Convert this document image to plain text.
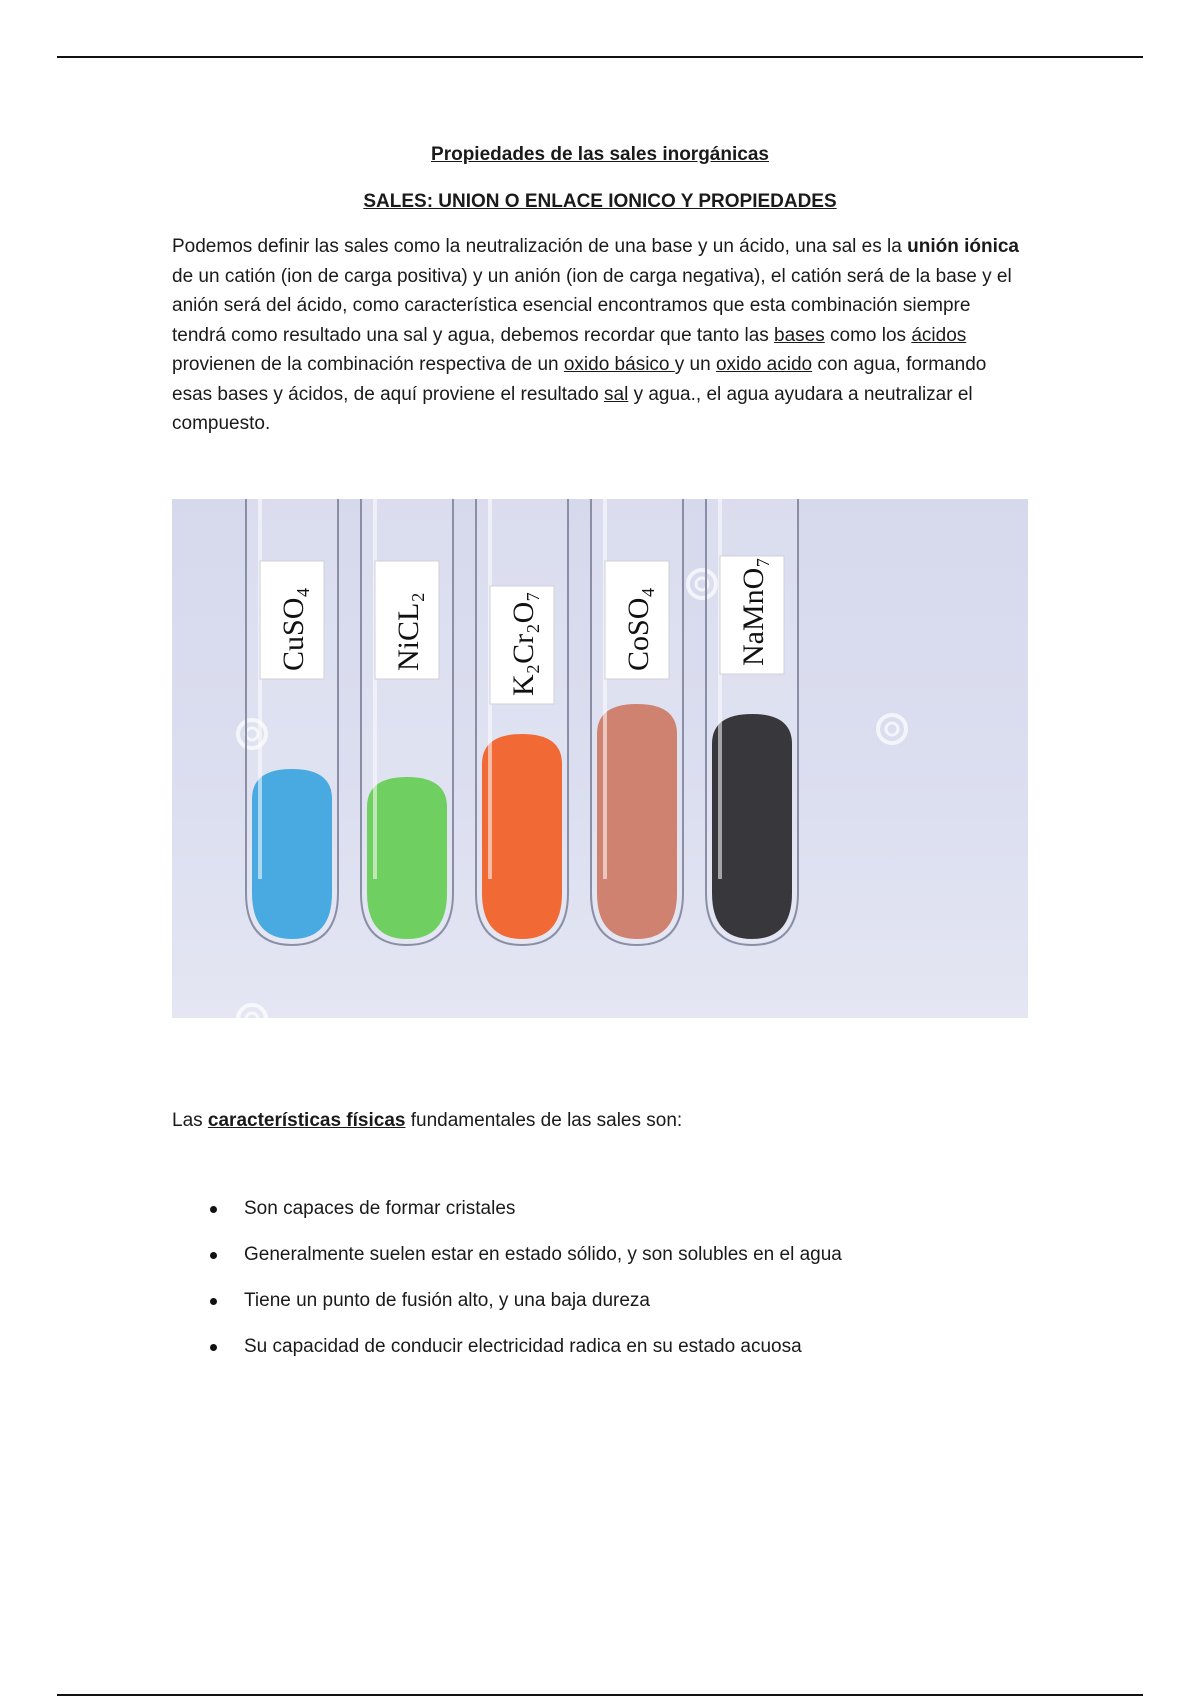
Propiedades de las sales inorgánicas
SALES: UNION O ENLACE IONICO Y PROPIEDADES
Podemos definir las sales como la neutralización de una base y un ácido, una sal es la unión iónica de un catión (ion de carga positiva) y un anión (ion de carga negativa), el catión será de la base y el anión será del ácido, como característica esencial encontramos que esta combinación siempre tendrá como resultado una sal y agua, debemos recordar que tanto las bases como los ácidos provienen de la combinación respectiva de un oxido básico y un oxido acido con agua, formando esas bases y ácidos, de aquí proviene el resultado sal y agua., el agua ayudara a neutralizar el compuesto.
CuSO₄	NiCL₂	K₂Cr₂O₇	CoSO₄	NaMnO₇
Las características físicas fundamentales de las sales son:
Son capaces de formar cristales
Generalmente suelen estar en estado sólido, y son solubles en el agua
Tiene un punto de fusión alto, y una baja dureza
Su capacidad de conducir electricidad radica en su estado acuosa
